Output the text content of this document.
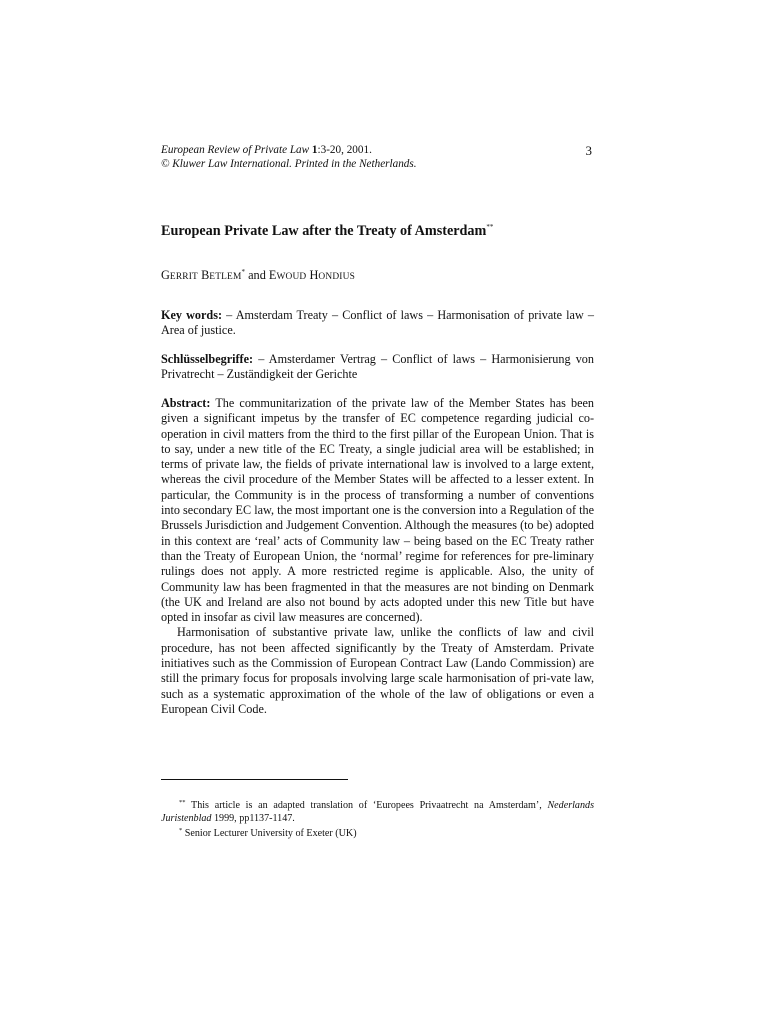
European Review of Private Law 1:3-20, 2001.
© Kluwer Law International. Printed in the Netherlands.
3
European Private Law after the Treaty of Amsterdam**
GERRIT BETLEM* and EWOUD HONDIUS
Key words: – Amsterdam Treaty – Conflict of laws – Harmonisation of private law – Area of justice.
Schlüsselbegriffe: – Amsterdamer Vertrag – Conflict of laws – Harmonisierung von Privatrecht – Zuständigkeit der Gerichte

Abstract: The communitarization of the private law of the Member States has been given a significant impetus by the transfer of EC competence regarding judicial co-operation in civil matters from the third to the first pillar of the European Union. That is to say, under a new title of the EC Treaty, a single judicial area will be established; in terms of private law, the fields of private international law is involved to a large extent, whereas the civil procedure of the Member States will be affected to a lesser extent. In particular, the Community is in the process of transforming a number of conventions into secondary EC law, the most important one is the conversion into a Regulation of the Brussels Jurisdiction and Judgement Convention. Although the measures (to be) adopted in this context are ‘real’ acts of Community law – being based on the EC Treaty rather than the Treaty of European Union, the ‘normal’ regime for references for pre-liminary rulings does not apply. A more restricted regime is applicable. Also, the unity of Community law has been fragmented in that the measures are not binding on Denmark (the UK and Ireland are also not bound by acts adopted under this new Title but have opted in insofar as civil law measures are concerned).

Harmonisation of substantive private law, unlike the conflicts of law and civil procedure, has not been affected significantly by the Treaty of Amsterdam. Private initiatives such as the Commission of European Contract Law (Lando Commission) are still the primary focus for proposals involving large scale harmonisation of pri-vate law, such as a systematic approximation of the whole of the law of obligations or even a European Civil Code.

** This article is an adapted translation of ‘Europees Privaatrecht na Amsterdam’, Nederlands Juristenblad 1999, pp1137-1147.

* Senior Lecturer University of Exeter (UK)
